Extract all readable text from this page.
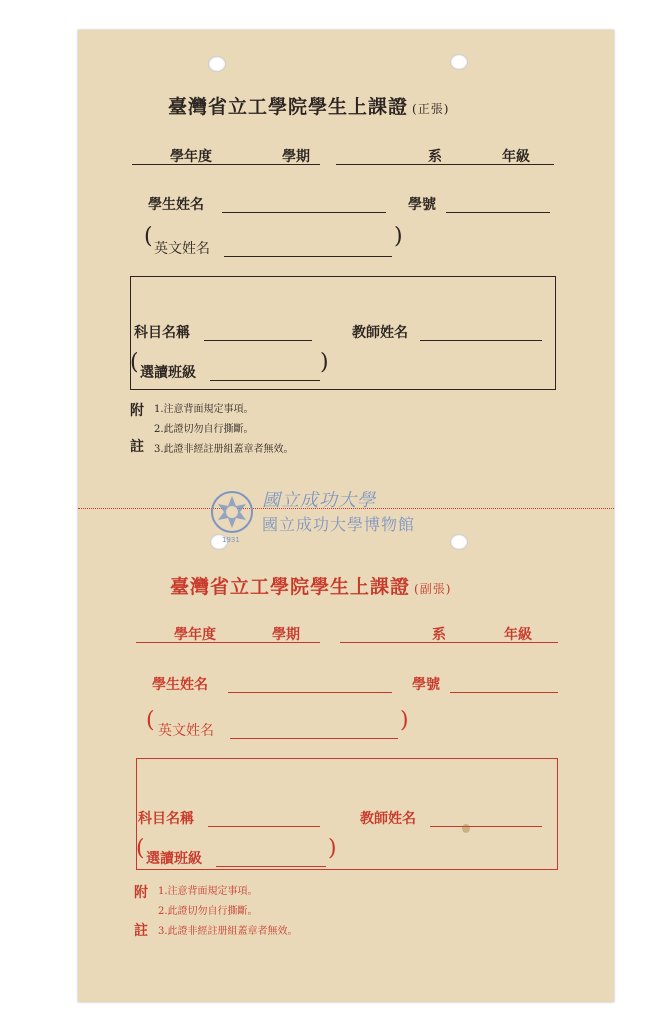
臺灣省立工學院學生上課證 (正張)
學年度	學期	系	年級
學生姓名	學號
( 英文姓名	)
科目名稱	教師姓名
( 選讀班級	)
附
註
1.注意背面規定事項。
2.此證切勿自行撕斷。
3.此證非經註册組蓋章者無效。
國立成功大學
國立成功大學博物館
1931
臺灣省立工學院學生上課證 (副張)
學年度	學期	系	年級
學生姓名	學號
( 英文姓名	)
科目名稱	教師姓名
( 選讀班級	)
附
註
1.注意背面規定事項。
2.此證切勿自行撕斷。
3.此證非經註册組蓋章者無效。
